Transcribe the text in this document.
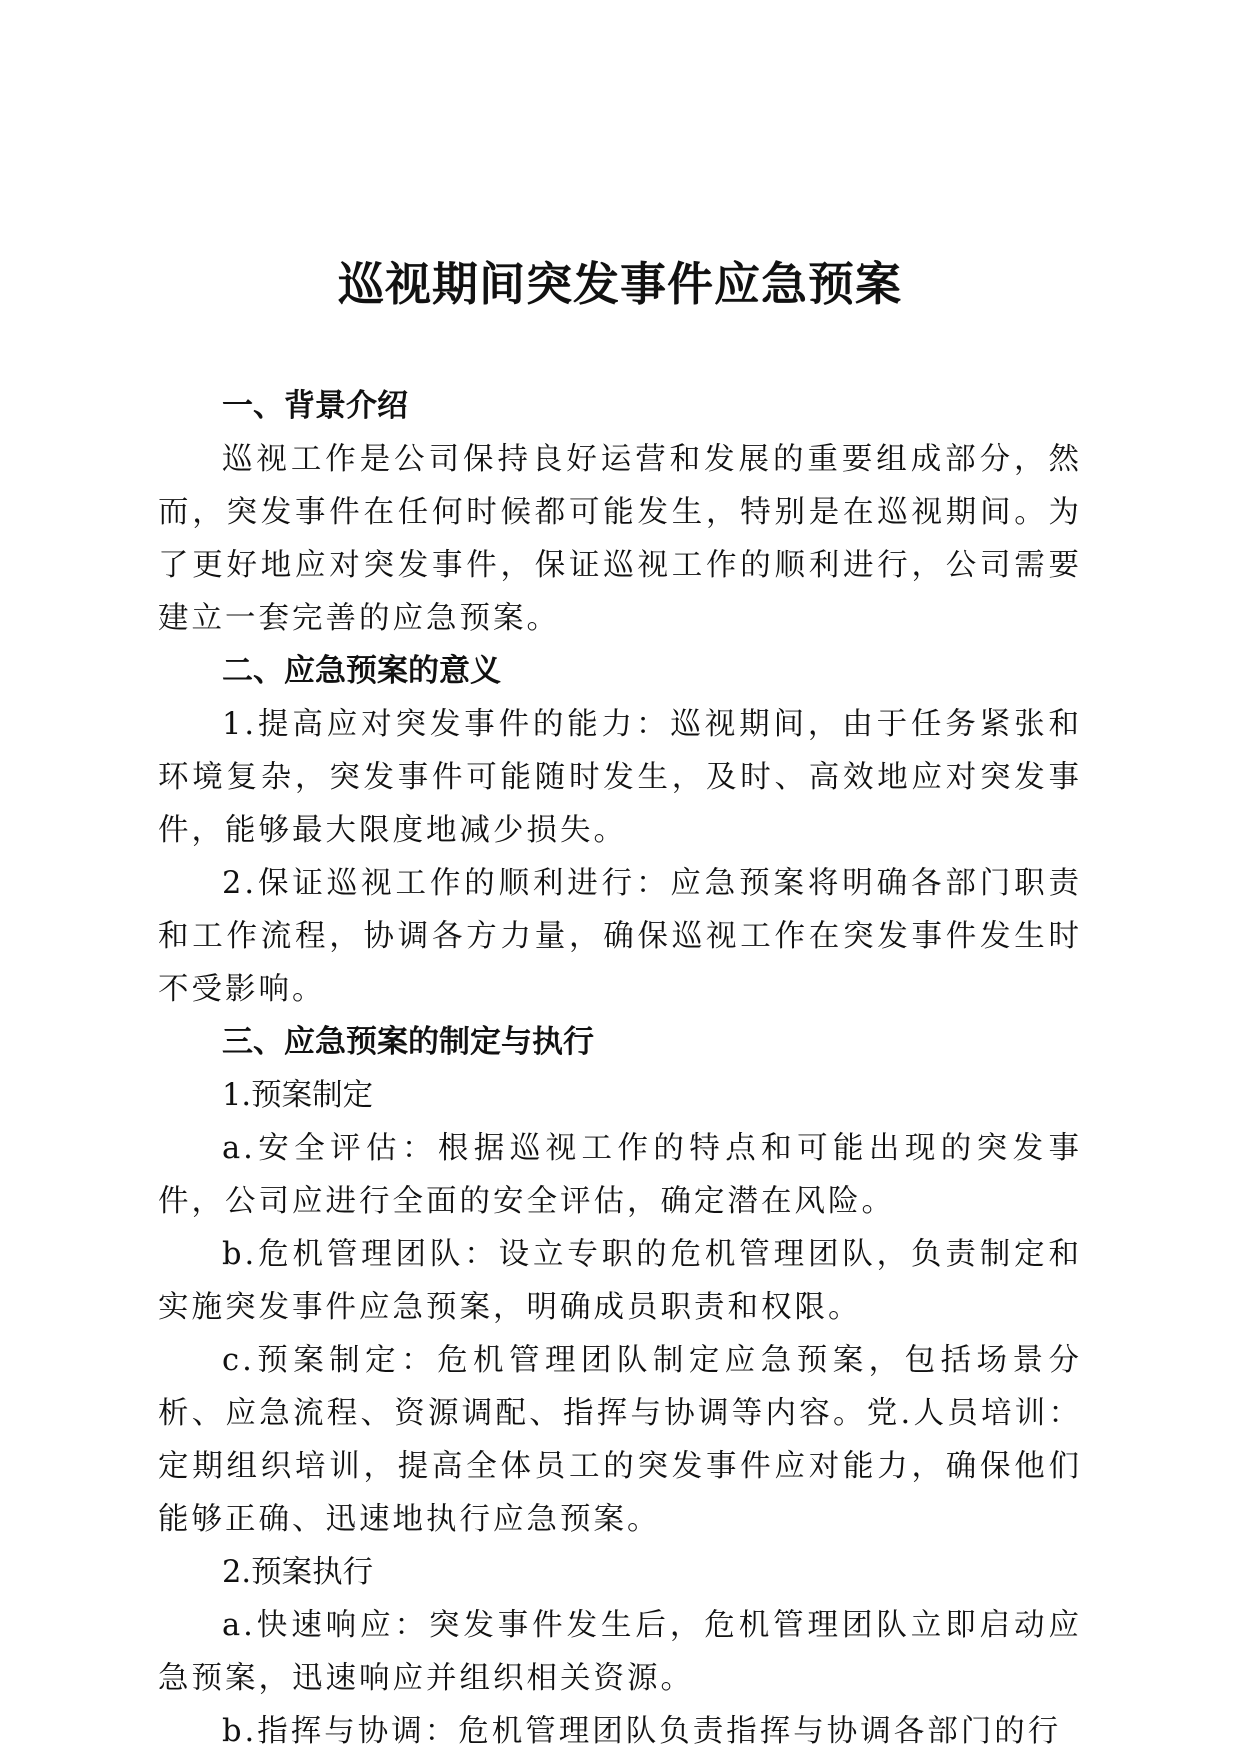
巡视期间突发事件应急预案
一、背景介绍

巡视工作是公司保持良好运营和发展的重要组成部分，然而，突发事件在任何时候都可能发生，特别是在巡视期间。为了更好地应对突发事件，保证巡视工作的顺利进行，公司需要建立一套完善的应急预案。

二、应急预案的意义

1.提高应对突发事件的能力：巡视期间，由于任务紧张和环境复杂，突发事件可能随时发生，及时、高效地应对突发事件，能够最大限度地减少损失。

2.保证巡视工作的顺利进行：应急预案将明确各部门职责和工作流程，协调各方力量，确保巡视工作在突发事件发生时不受影响。

三、应急预案的制定与执行
1.预案制定

a.安全评估：根据巡视工作的特点和可能出现的突发事件，公司应进行全面的安全评估，确定潜在风险。

b.危机管理团队：设立专职的危机管理团队，负责制定和实施突发事件应急预案，明确成员职责和权限。

c.预案制定：危机管理团队制定应急预案，包括场景分析、应急流程、资源调配、指挥与协调等内容。党.人员培训：定期组织培训，提高全体员工的突发事件应对能力，确保他们能够正确、迅速地执行应急预案。

2.预案执行

a.快速响应：突发事件发生后，危机管理团队立即启动应急预案，迅速响应并组织相关资源。

b.指挥与协调：危机管理团队负责指挥与协调各部门的行
